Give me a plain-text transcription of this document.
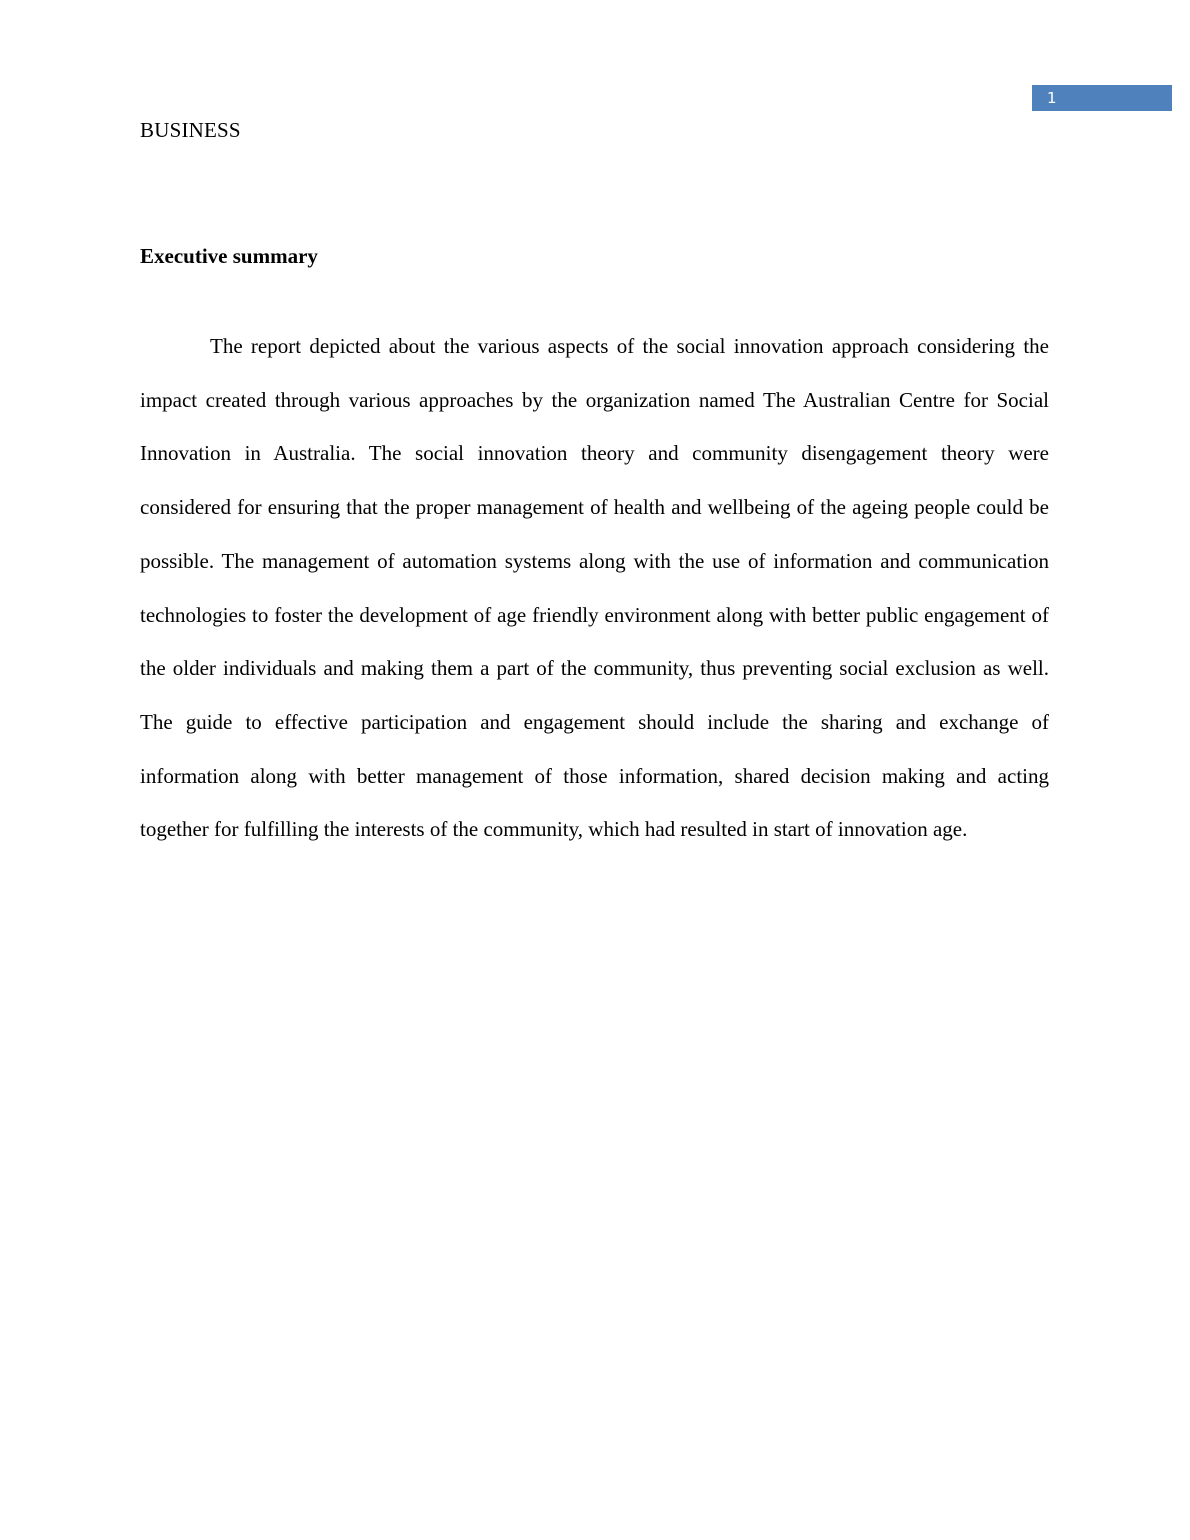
1
BUSINESS
Executive summary

The report depicted about the various aspects of the social innovation approach considering the impact created through various approaches by the organization named The Australian Centre for Social Innovation in Australia. The social innovation theory and community disengagement theory were considered for ensuring that the proper management of health and wellbeing of the ageing people could be possible. The management of automation systems along with the use of information and communication technologies to foster the development of age friendly environment along with better public engagement of the older individuals and making them a part of the community, thus preventing social exclusion as well. The guide to effective participation and engagement should include the sharing and exchange of information along with better management of those information, shared decision making and acting together for fulfilling the interests of the community, which had resulted in start of innovation age.
